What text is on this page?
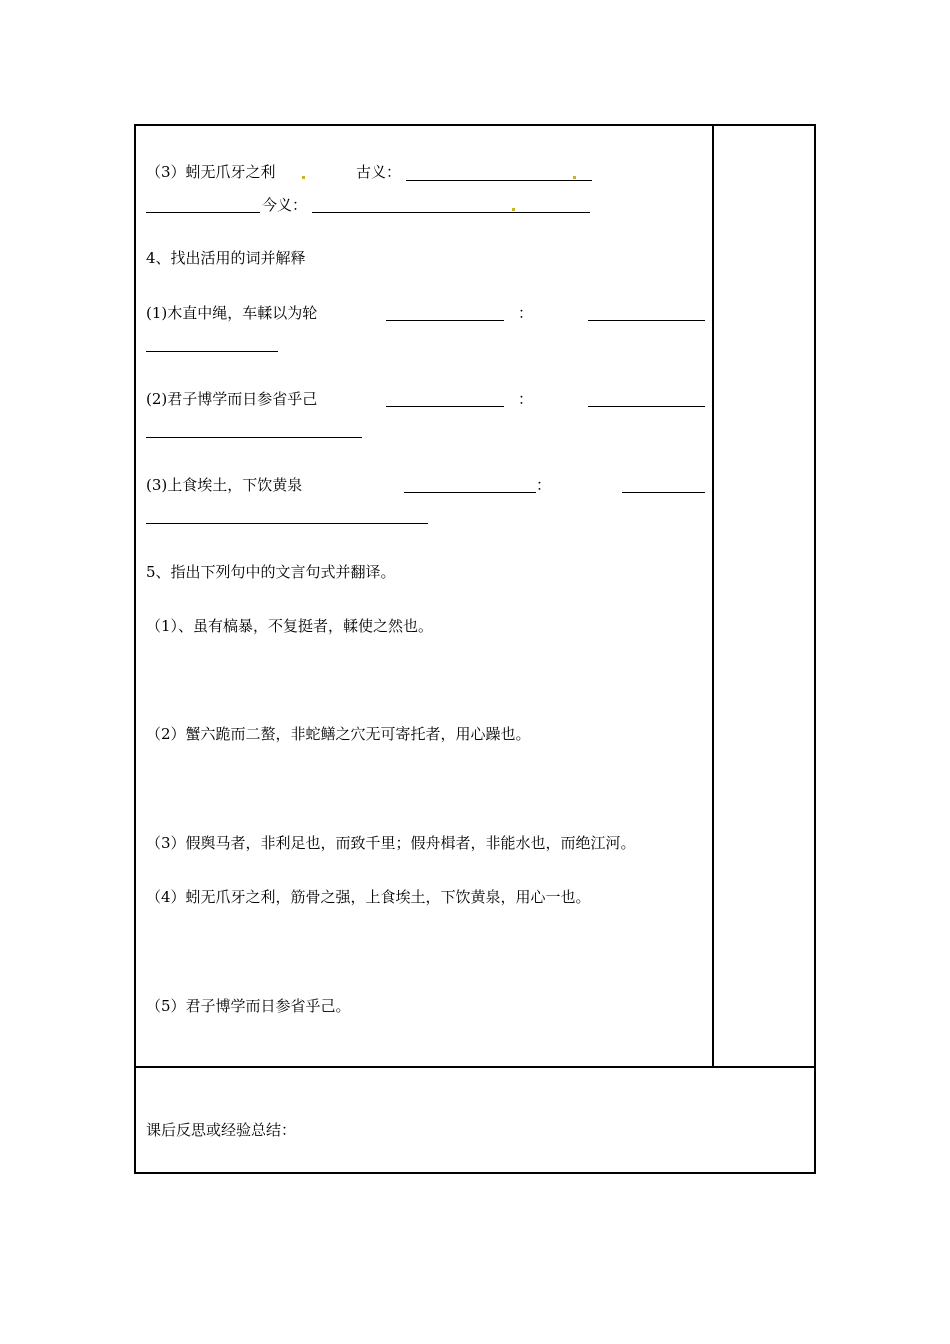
（3）蚓无爪牙之利	古义：
今义：
4、找出活用的词并解释
(1)木直中绳，车輮以为轮	：
(2)君子博学而日参省乎己	：
(3)上食埃土，下饮黄泉	：
5、指出下列句中的文言句式并翻译。
（1）、虽有槁暴，不复挺者，輮使之然也。
（2）蟹六跪而二螯，非蛇鳝之穴无可寄托者，用心躁也。
（3）假舆马者，非利足也，而致千里；假舟楫者，非能水也，而绝江河。
（4）蚓无爪牙之利，筋骨之强，上食埃土，下饮黄泉，用心一也。
（5）君子博学而日参省乎己。
课后反思或经验总结：
